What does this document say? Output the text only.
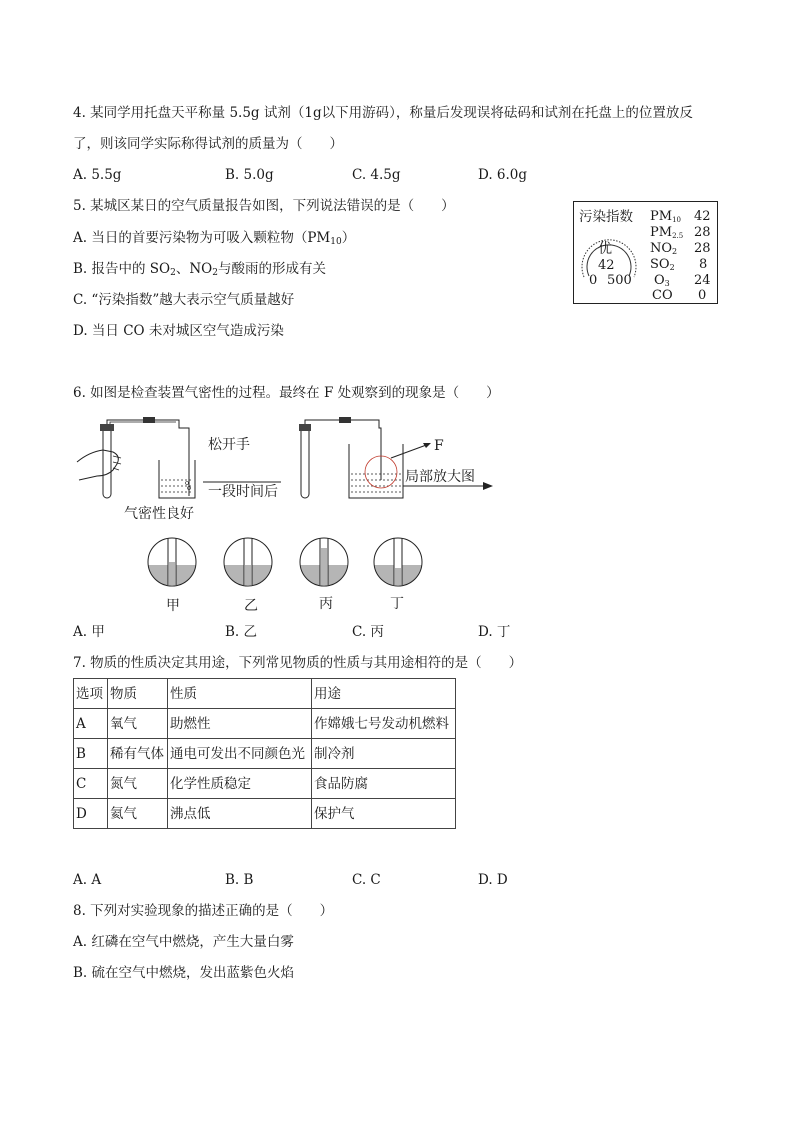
4. 某同学用托盘天平称量 5.5g 试剂（1g以下用游码），称量后发现误将砝码和试剂在托盘上的位置放反
了，则该同学实际称得试剂的质量为（　　）
A. 5.5g	B. 5.0g	C. 4.5g	D. 6.0g
5. 某城区某日的空气质量报告如图，下列说法错误的是（　　）
A. 当日的首要污染物为可吸入颗粒物$(PM_{10})$
B. 报告中的 $SO_2$、$NO_2$与酸雨的形成有关
C. “污染指数”越大表示空气质量越好
D. 当日 CO 未对城区空气造成污染
污染指数
优
42
0 500
$PM_{10}$ 42
$PM_{2.5}$ 28
$NO_2$ 28
$SO_2$ 8
$O_3$ 24
CO 0
6. 如图是检查装置气密性的过程。最终在 F 处观察到的现象是（　　）
松开手
一段时间后
气密性良好
F
局部放大图
甲	乙	丙	丁
A. 甲	B. 乙	C. 丙	D. 丁
7. 物质的性质决定其用途，下列常见物质的性质与其用途相符的是（　　）
选项	物质	性质	用途
A	氧气	助燃性	作嫦娥七号发动机燃料
B	稀有气体	通电可发出不同颜色光	制冷剂
C	氮气	化学性质稳定	食品防腐
D	氦气	沸点低	保护气
A. A	B. B	C. C	D. D
8. 下列对实验现象的描述正确的是（　　）
A. 红磷在空气中燃烧，产生大量白雾
B. 硫在空气中燃烧，发出蓝紫色火焰
